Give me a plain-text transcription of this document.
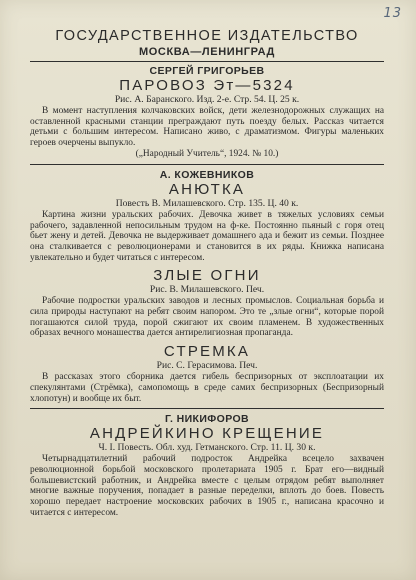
13
ГОСУДАРСТВЕННОЕ ИЗДАТЕЛЬСТВО
МОСКВА—ЛЕНИНГРАД
СЕРГЕЙ ГРИГОРЬЕВ
ПАРОВОЗ Эт—5324
Рис. А. Баранского. Изд. 2-е. Стр. 54. Ц. 25 к.

В момент наступления колчаковских войск, дети железнодорожных служащих на оставленной красными станции преграждают путь поезду белых. Рассказ читается детьми с большим интересом. Написано живо, с драматизмом. Фигуры маленьких героев очерчены выпукло.

(„Народный Учитель“, 1924. № 10.)
А. КОЖЕВНИКОВ
АНЮТКА
Повесть В. Милашевского. Стр. 135. Ц. 40 к.

Картина жизни уральских рабочих. Девочка живет в тяжелых условиях семьи рабочего, задавленной непосильным трудом на ф-ке. Постоянно пьяный с горя отец бьет жену и детей. Девочка не выдерживает домашнего ада и бежит из семьи. Позднее она сталкивается с революционерами и становится в их ряды. Книжка написана увлекательно и будет читаться с интересом.

ЗЛЫЕ ОГНИ
Рис. В. Милашевского. Печ.

Рабочие подростки уральских заводов и лесных промыслов. Социальная борьба и сила природы наступают на ребят своим напором. Это те „злые огни“, которые порой погашаются силой труда, порой сжигают их своим пламенем. В художественных образах вечного монашества дается антирелигиозная пропаганда.

СТРЕМКА
Рис. С. Герасимова. Печ.

В рассказах этого сборника дается гибель беспризорных от эксплоатации их спекулянтами (Стрёмка), самопомощь в среде самих беспризорных (Беспризорный хлопотун) и вообще их быт.

Г. НИКИФОРОВ
АНДРЕЙКИНО КРЕЩЕНИЕ
Ч. I. Повесть. Обл. худ. Гетманского. Стр. 11. Ц. 30 к.

Четырнадцатилетний рабочий подросток Андрейка всецело захвачен революционной борьбой московского пролетариата 1905 г. Брат его—видный большевистский работник, и Андрейка вместе с целым отрядом ребят выполняет многие важные поручения, попадает в разные переделки, вплоть до боев. Повесть хорошо передает настроение московских рабочих в 1905 г., написана красочно и читается с интересом.
